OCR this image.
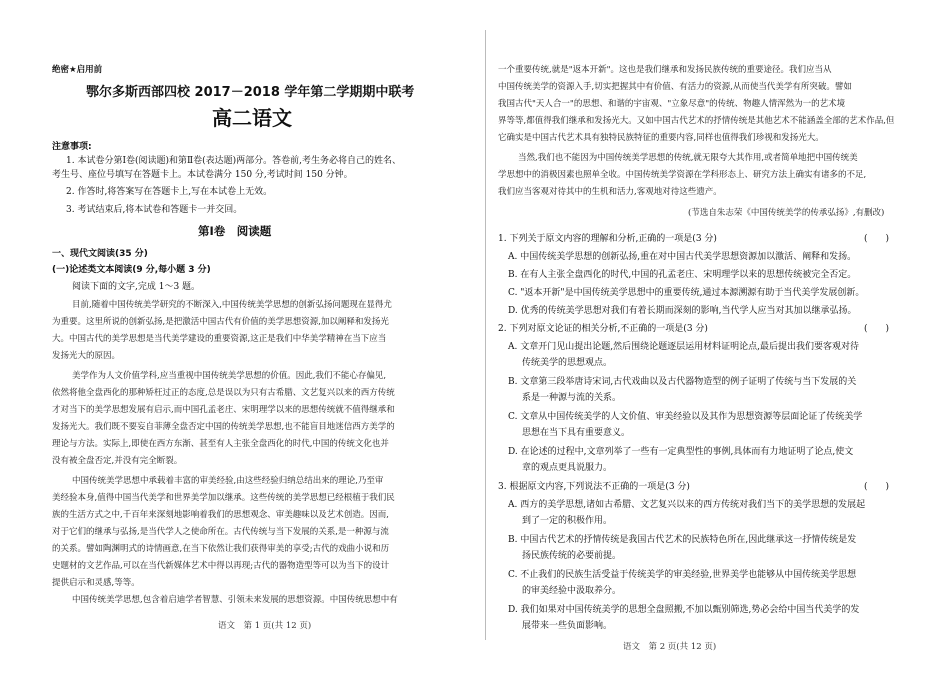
绝密★启用前
鄂尔多斯西部四校 2017－2018 学年第二学期期中联考
高二语文
注意事项:
1. 本试卷分第Ⅰ卷(阅读题)和第Ⅱ卷(表达题)两部分。答卷前,考生务必将自己的姓名、
考生号、座位号填写在答题卡上。本试卷满分 150 分,考试时间 150 分钟。
2. 作答时,将答案写在答题卡上,写在本试卷上无效。
3. 考试结束后,将本试卷和答题卡一并交回。
第Ⅰ卷　阅读题
一、现代文阅读(35 分)
(一)论述类文本阅读(9 分,每小题 3 分)
阅读下面的文字,完成 1～3 题。
目前,随着中国传统美学研究的不断深入,中国传统美学思想的创新弘扬问题现在显得尤
为重要。这里所说的创新弘扬,是把激活中国古代有价值的美学思想资源,加以阐释和发扬光
大。中国古代的美学思想是当代美学建设的重要资源,这正是我们中华美学精神在当下应当
发扬光大的原因。
美学作为人文价值学科,应当重视中国传统美学思想的价值。因此,我们不能心存偏见,
依然将他全盘西化的那种矫枉过正的态度,总是误以为只有古希腊、文艺复兴以来的西方传统
才对当下的美学思想发展有启示,而中国孔孟老庄、宋明理学以来的思想传统就不值得继承和
发扬光大。我们既不要妄自菲薄全盘否定中国的传统美学思想,也不能盲目地迷信西方美学的
理论与方法。实际上,即使在西方东渐、甚至有人主张全盘西化的时代,中国的传统文化也并
没有被全盘否定,并没有完全断裂。
中国传统美学思想中承载着丰富的审美经验,由这些经验归纳总结出来的理论,乃至审
美经验本身,值得中国当代美学和世界美学加以继承。这些传统的美学思想已经根植于我们民
族的生活方式之中,千百年来深刻地影响着我们的思想观念、审美趣味以及艺术创造。因而,
对于它们的继承与弘扬,是当代学人之使命所在。古代传统与当下发展的关系,是一种源与流
的关系。譬如陶渊明式的诗情画意,在当下依然让我们获得审美的享受;古代的戏曲小说和历
史题材的文艺作品,可以在当代新媒体艺术中得以再现;古代的器物造型等可以为当下的设计
提供启示和灵感,等等。
中国传统美学思想,包含着启迪学者智慧、引领未来发展的思想资源。中国传统思想中有
语文　第 1 页(共 12 页)
一个重要传统,就是"返本开新"。这也是我们继承和发扬民族传统的重要途径。我们应当从
中国传统美学的资源入手,切实把握其中有价值、有活力的资源,从而使当代美学有所突破。譬如
我国古代"天人合一"的思想、和谐的宇宙观、"立象尽意"的传统、物趣人情浑然为一的艺术境
界等等,都值得我们继承和发扬光大。又如中国古代艺术的抒情传统是其他艺术不能涵盖全部的艺术作品,但
它确实是中国古代艺术具有独特民族特征的重要内容,同样也值得我们珍视和发扬光大。
当然,我们也不能因为中国传统美学思想的传统,就无限夸大其作用,或者简单地把中国传统美
学思想中的消极因素也照单全收。中国传统美学资源在学科形态上、研究方法上确实有诸多的不足,
我们应当客观对待其中的生机和活力,客观地对待这些遗产。
(节选自朱志荣《中国传统美学的传承弘扬》,有删改)
1. 下列关于原文内容的理解和分析,正确的一项是(3 分)	(　　)
A. 中国传统美学思想的创新弘扬,重在对中国古代美学思想资源加以激活、阐释和发扬。
B. 在有人主张全盘西化的时代,中国的孔孟老庄、宋明理学以来的思想传统被完全否定。
C. "返本开新"是中国传统美学思想中的重要传统,通过本源溯源有助于当代美学发展创新。
D. 优秀的传统美学思想对我们有着长期而深刻的影响,当代学人应当对其加以继承弘扬。
2. 下列对原文论证的相关分析,不正确的一项是(3 分)	(　　)
A. 文章开门见山提出论题,然后围绕论题逐层运用材料证明论点,最后提出我们要客观对待
传统美学的思想观点。
B. 文章第三段举唐诗宋词,古代戏曲以及古代器物造型的例子证明了传统与当下发展的关
系是一种源与流的关系。
C. 文章从中国传统美学的人文价值、审美经验以及其作为思想资源等层面论证了传统美学
思想在当下具有重要意义。
D. 在论述的过程中,文章列举了一些有一定典型性的事例,具体而有力地证明了论点,使文
章的观点更具说服力。
3. 根据原文内容,下列说法不正确的一项是(3 分)	(　　)
A. 西方的美学思想,诸如古希腊、文艺复兴以来的西方传统对我们当下的美学思想的发展起
到了一定的积极作用。
B. 中国古代艺术的抒情传统是我国古代艺术的民族特色所在,因此继承这一抒情传统是发
扬民族传统的必要前提。
C. 不止我们的民族生活受益于传统美学的审美经验,世界美学也能够从中国传统美学思想
的审美经验中汲取养分。
D. 我们如果对中国传统美学的思想全盘照搬,不加以甄别筛选,势必会给中国当代美学的发
展带来一些负面影响。
语文　第 2 页(共 12 页)
